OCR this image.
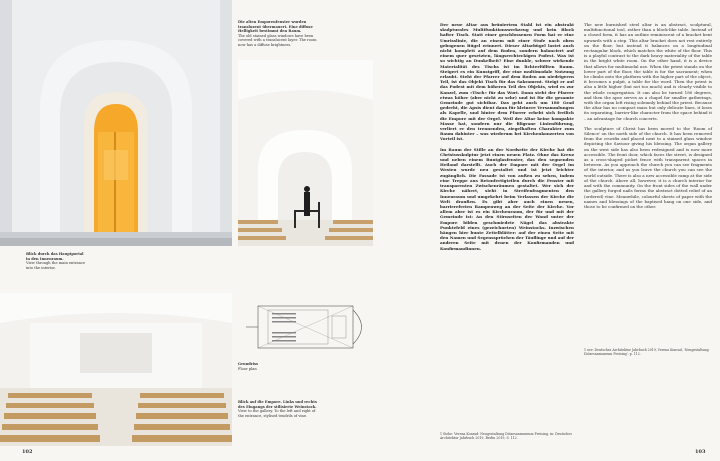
Die alten Emporenfenster wurden transluzent übermauert. Eine diffuse Helligkeit bestimmt den Raum.
The old stained glass windows have been covered with a translucent layer. The room now has a diffuse brightness.
Blick durch das Hauptportal in den Innenraum.
View through the main entrance into the interior.
Grundriss
Floor plan
Blick auf die Empore. Links und rechts des Eingangs der stilisierte Weinstock.
View to the gallery. To the left and right of the entrance, stylised tendrils of vine.
102

Der neue Altar aus brüniertem Stahl ist ein abstrakt skulpturales Multifunktionswerkzeug und kein Block hafter Tisch. Statt einer geschlossenen Form hat er eine Umrisslinie, die an einem mit einer Stufe nach oben gebogenen Bügel erinnert. Dieser Altarbügel lastet auch nicht komplett auf dem Boden, sondern balanciert auf einem quer gesetzten, längsrechteckigen Podest. Was ist so wichtig an Dunkelheit? Eine dunkle, schwer wirkende Materialität des Tischs ist im lichterfüllten Raum. Steigert es ein Kunstgriff, der eine multimodale Nutzung erlaubt. Steht der Pfarrer auf dem Boden am niedrigeren Teil, ist das Objekt Tisch für das Sakrament. Steigt er auf das Podest mit dem höheren Teil des Objekts, wird es zur Kanzel, zum »Tisch« für das Wort. Dann steht der Pfarrer etwas höher (aber nicht zu sehr) und ist für die gesamte Gemeinde gut sichtbar. Das geht auch um 180 Grad gedreht, die Apsis dient dann für kleinere Versammlungen als Kapelle, und hinter dem Pfarrer erhebt sich freilich die Empore mit der Orgel. Weil der Altar keine kompakte Masse hat, sondern nur die filigrane Linienführung, verliert er den trennenden, ziegelhaften Charakter zum Raum dahinter – was wiederum bei Kirchenkonzerten von Vorteil ist.

Im Raum der Stille an der Nordseite der Kirche hat die Christusskulptur jetzt einen neuen Platz. Ohne das Kreuz und neben einem Buntglasfenster, das den segnenden Heiland darstellt. Auch der Empore mit der Orgel im Westen wurde neu gestaltet und ist jetzt leichter zugänglich. Die Fassade ist von außen zu sehen, indem eine Treppe aus Betonfertigteilen durch die Fenster mit transparenten Zwischenräumen gestaltet. Wer sich der Kirche nähert, sieht in Streifenfragmenten den Innenraum und umgekehrt beim Verlassen der Kirche die Welt draußen. Es gibt aber auch einen neuen, barrierefreien Rampenweg an der Seite der Kirche. Vor allem aber ist es ein Kirchenraum, der für und mit der Gemeinde ist: An den Stirnseiten der Wand unter der Empore bilden geschmiedete Nägel das abstrakte Punktefeld eines (gezeichneten) Weinstocks. Inzwischen hängen hier bunte Zettelblätter: auf der einen Seite mit den Namen und Segenssprüchen der Täuflinge und auf der anderen Seite mit denen der Konfirmanden und Konfirmandinnen.

The new burnished steel altar is an abstract, sculptural, multifunctional tool, rather than a block-like table. Instead of a closed form, it has an outline reminiscent of a bracket bent upwards with a step. This altar bracket does not rest entirely on the floor, but instead it balances on a longitudinal rectangular block, which matches the white of the floor. This is a playful contrast to the dark heavy materiality of the table in the bright white room. On the other hand, it is a device that allows for multimodal use. When the priest stands on the lower part of the floor, the table is for the sacrament; when he climbs onto the platform with the higher part of the object, it becomes a pulpit, a table for the word. Then the priest is also a little higher (but not too much) and is clearly visible to the whole congregation. It can also be turned 180 degrees, and then the apse serves as a chapel for smaller gatherings, with the organ loft rising solemnly behind the priest. Because the altar has no compact mass but only delicate lines, it loses its separating, barrier-like character from the space behind it – an advantage for church concerts.

The sculpture of Christ has been moved to the 'Room of Silence' on the north side of the church. It has been removed from the crucifix and placed next to a stained glass window depicting the Saviour giving his blessing. The organ gallery on the west side has also been redesigned and is now more accessible. The front door, which faces the street, is designed as a cross-shaped picket fence with transparent spaces in between. As you approach the church you can see fragments of the interior, and as you leave the church you can see the world outside. There is also a new accessible ramp at the side of the church. Above all, however, it is a church interior for and with the community. On the front sides of the wall under the gallery forged nails forms the abstract dotted relief of an (ordered) vine. Meanwhile, colourful sheets of paper with the names and blessings of the baptised hang on one side, and those to be confirmed on the other.

1 Siehe: Verena Konrad: Neugestaltung Diözesanmuseum Freising, in: Deutsches Architektur Jahrbuch 2019, Berlin 2019, S. 112.
1 see: Deutsches Architektur Jahrbuch 2019, Verena Konrad, 'Neugestaltung Diözesanmuseum Freising', p. 112.
103
